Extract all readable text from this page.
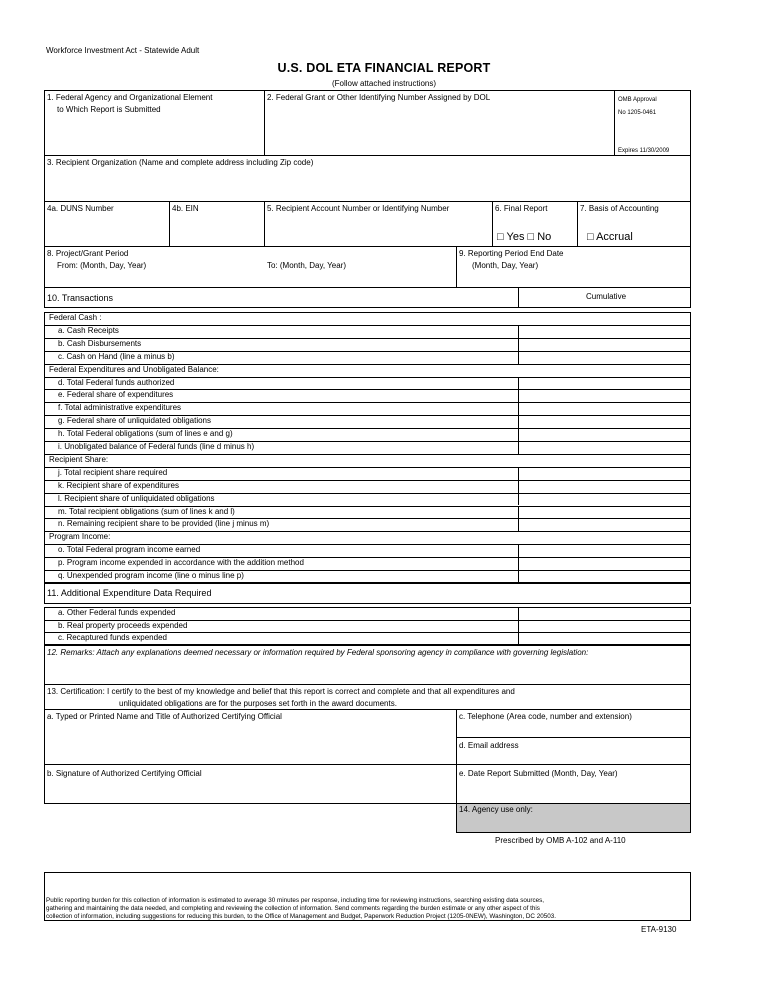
Workforce Investment Act - Statewide Adult
U.S. DOL ETA FINANCIAL REPORT
(Follow attached instructions)
1. Federal Agency and Organizational Element
to Which Report is Submitted
2. Federal Grant or Other Identifying Number Assigned by DOL	OMB Approval
No 1205-0461
Expires 11/30/2009
3. Recipient Organization (Name and complete address including Zip code)
4a. DUNS Number	4b. EIN	5. Recipient Account Number or Identifying Number	6. Final Report	7. Basis of Accounting
□ Yes □ No	□ Accrual
8. Project/Grant Period
From: (Month, Day, Year)	To: (Month, Day, Year)
9. Reporting Period End Date
(Month, Day, Year)
10. Transactions	Cumulative
Federal Cash :
a. Cash Receipts
b. Cash Disbursements
c. Cash on Hand (line a minus b)
Federal Expenditures and Unobligated Balance:
d. Total Federal funds authorized
e. Federal share of expenditures
f. Total administrative expenditures
g. Federal share of unliquidated obligations
h. Total Federal obligations (sum of lines e and g)
i. Unobligated balance of Federal funds (line d minus h)
Recipient Share:
j. Total recipient share required
k. Recipient share of expenditures
l. Recipient share of unliquidated obligations
m. Total recipient obligations (sum of lines k and l)
n. Remaining recipient share to be provided (line j minus m)
Program Income:
o. Total Federal program income earned
p. Program income expended in accordance with the addition method
q. Unexpended program income (line o minus line p)
11. Additional Expenditure Data Required
a. Other Federal funds expended
b. Real property proceeds expended
c. Recaptured funds expended
12. Remarks: Attach any explanations deemed necessary or information required by Federal sponsoring agency in compliance with governing legislation:
13. Certification: I certify to the best of my knowledge and belief that this report is correct and complete and that all expenditures and
unliquidated obligations are for the purposes set forth in the award documents.
a. Typed or Printed Name and Title of Authorized Certifying Official	c. Telephone (Area code, number and extension)
d. Email address
b. Signature of Authorized Certifying Official	e. Date Report Submitted (Month, Day, Year)
14. Agency use only:
Prescribed by OMB A-102 and A-110
Public reporting burden for this collection of information is estimated to average 30 minutes per response, including time for reviewing instructions, searching existing data sources,
gathering and maintaining the data needed, and completing and reviewing the collection of information. Send comments regarding the burden estimate or any other aspect of this
collection of information, including suggestions for reducing this burden, to the Office of Management and Budget, Paperwork Reduction Project (1205-0NEW), Washington, DC 20503.
ETA-9130
